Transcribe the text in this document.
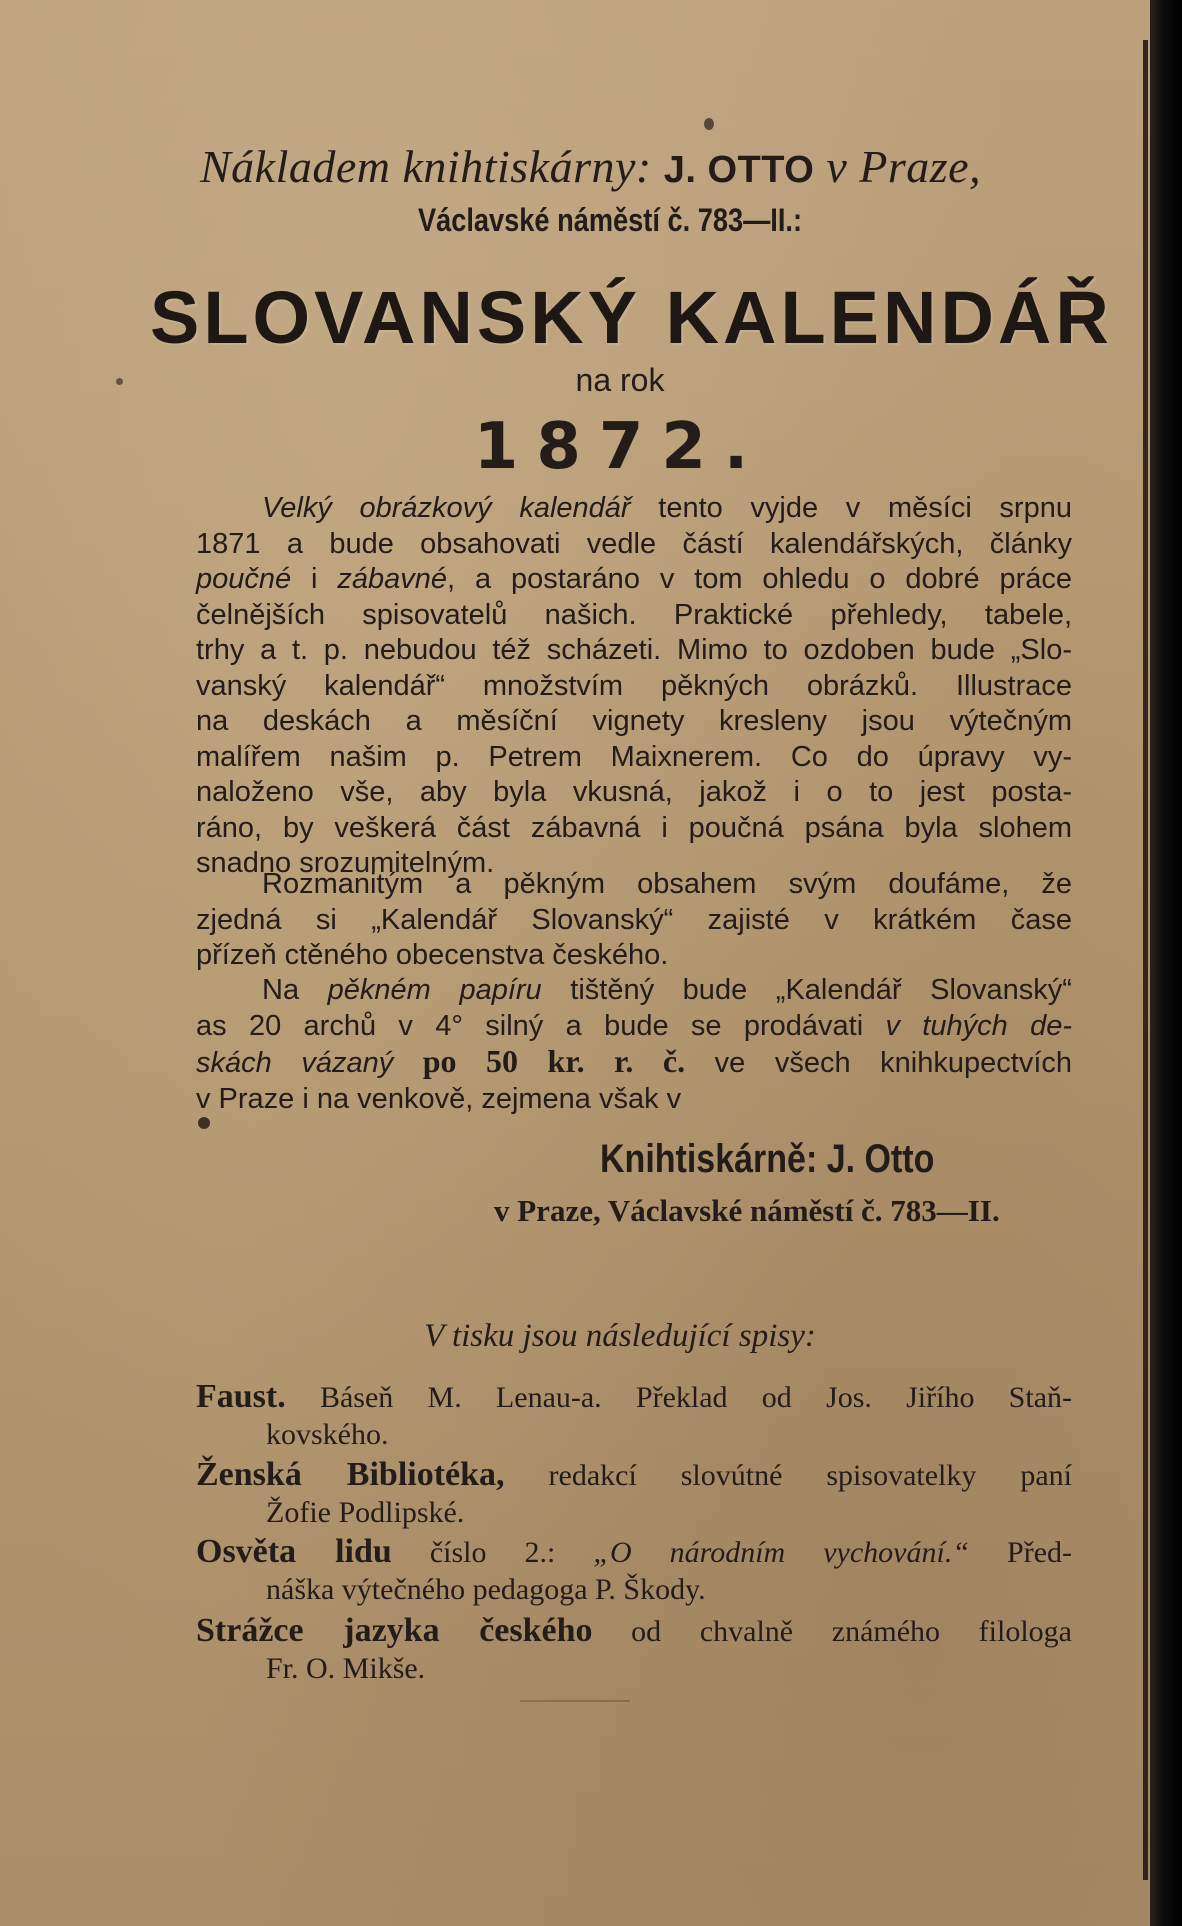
Nákladem knihtiskárny: J. OTTO v Praze,

Václavské náměstí č. 783—II.:

SLOVANSKÝ KALENDÁŘ

na rok

1872.

Velký obrázkový kalendář tento vyjde v měsíci srpnu
1871 a bude obsahovati vedle částí kalendářských, články
poučné i zábavné, a postaráno v tom ohledu o dobré práce
čelnějších spisovatelů našich. Praktické přehledy, tabele,
trhy a t. p. nebudou též scházeti. Mimo to ozdoben bude „Slo-
vanský kalendář“ množstvím pěkných obrázků. Illustrace
na deskách a měsíční vignety kresleny jsou výtečným
malířem našim p. Petrem Maixnerem. Co do úpravy vy-
naloženo vše, aby byla vkusná, jakož i o to jest posta-
ráno, by veškerá část zábavná i poučná psána byla slohem
snadno srozumitelným.
Rozmanitým a pěkným obsahem svým doufáme, že
zjedná si „Kalendář Slovanský“ zajisté v krátkém čase
přízeň ctěného obecenstva českého.
Na pěkném papíru tištěný bude „Kalendář Slovanský“
as 20 archů v 4° silný a bude se prodávati v tuhých de-
skách vázaný po 50 kr. r. č. ve všech knihkupectvích
v Praze i na venkově, zejmena však v

Knihtiskárně: J. Otto

v Praze, Václavské náměstí č. 783—II.

V tisku jsou následující spisy:

Faust. Báseň M. Lenau-a. Překlad od Jos. Jiřího Staň-
kovského.
Ženská Bibliotéka, redakcí slovútné spisovatelky paní
Žofie Podlipské.
Osvěta lidu číslo 2.: „O národním vychování.“ Před-
náška výtečného pedagoga P. Škody.
Strážce jazyka českého od chvalně známého filologa
Fr. O. Mikše.
